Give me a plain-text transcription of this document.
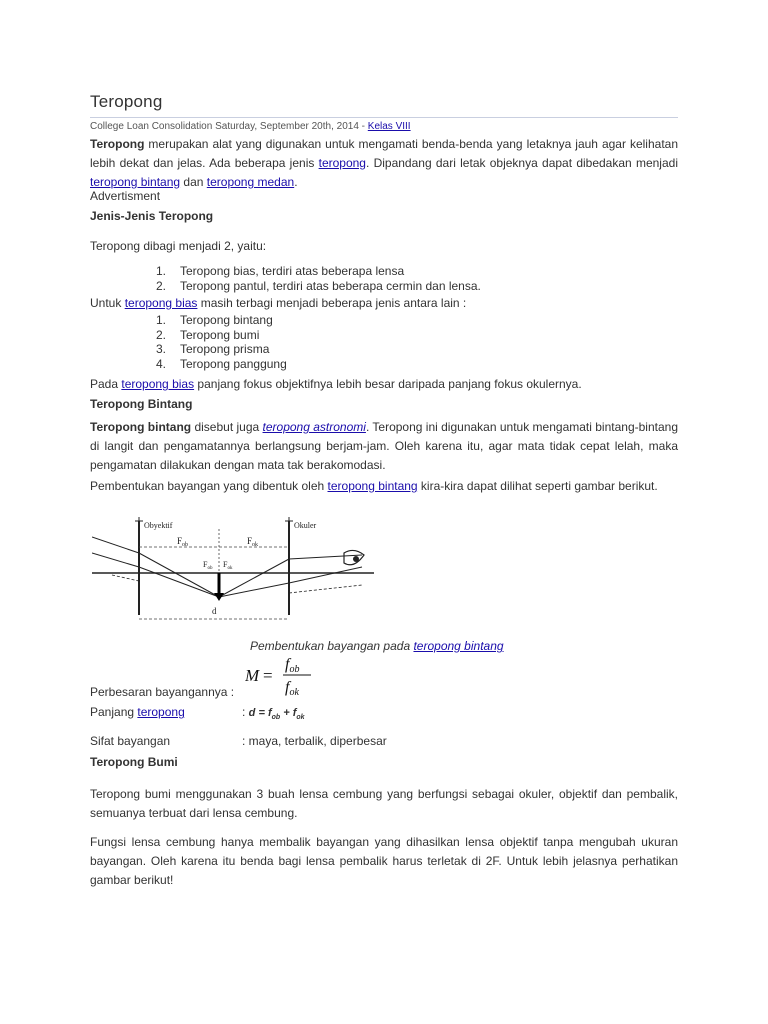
Teropong
College Loan Consolidation Saturday, September 20th, 2014 - Kelas VIII
Teropong merupakan alat yang digunakan untuk mengamati benda-benda yang letaknya jauh agar kelihatan lebih dekat dan jelas. Ada beberapa jenis teropong. Dipandang dari letak objeknya dapat dibedakan menjadi teropong bintang dan teropong medan.
Advertisment
Jenis-Jenis Teropong
Teropong dibagi menjadi 2, yaitu:
1. Teropong bias, terdiri atas beberapa lensa
2. Teropong pantul, terdiri atas beberapa cermin dan lensa.
Untuk teropong bias masih terbagi menjadi beberapa jenis antara lain :
1. Teropong bintang
2. Teropong bumi
3. Teropong prisma
4. Teropong panggung
Pada teropong bias panjang fokus objektifnya lebih besar daripada panjang fokus okulernya.
Teropong Bintang
Teropong bintang disebut juga teropong astronomi. Teropong ini digunakan untuk mengamati bintang-bintang di langit dan pengamatannya berlangsung berjam-jam. Oleh karena itu, agar mata tidak cepat lelah, maka pengamatan dilakukan dengan mata tak berakomodasi.
Pembentukan bayangan yang dibentuk oleh teropong bintang kira-kira dapat dilihat seperti gambar berikut.
Obyektif	Okuler
$F_{ob}$	$F_{ok}$
$F_{ob}$ $F_{ok}$
d
Pembentukan bayangan pada teropong bintang
M =
fob
fok
Perbesaran bayangannya :
Panjang teropong	: $d = f_{ob} + f_{ok}$
Sifat bayangan	: maya, terbalik, diperbesar
Teropong Bumi
Teropong bumi menggunakan 3 buah lensa cembung yang berfungsi sebagai okuler, objektif dan pembalik, semuanya terbuat dari lensa cembung.
Fungsi lensa cembung hanya membalik bayangan yang dihasilkan lensa objektif tanpa mengubah ukuran bayangan. Oleh karena itu benda bagi lensa pembalik harus terletak di 2F. Untuk lebih jelasnya perhatikan gambar berikut!
